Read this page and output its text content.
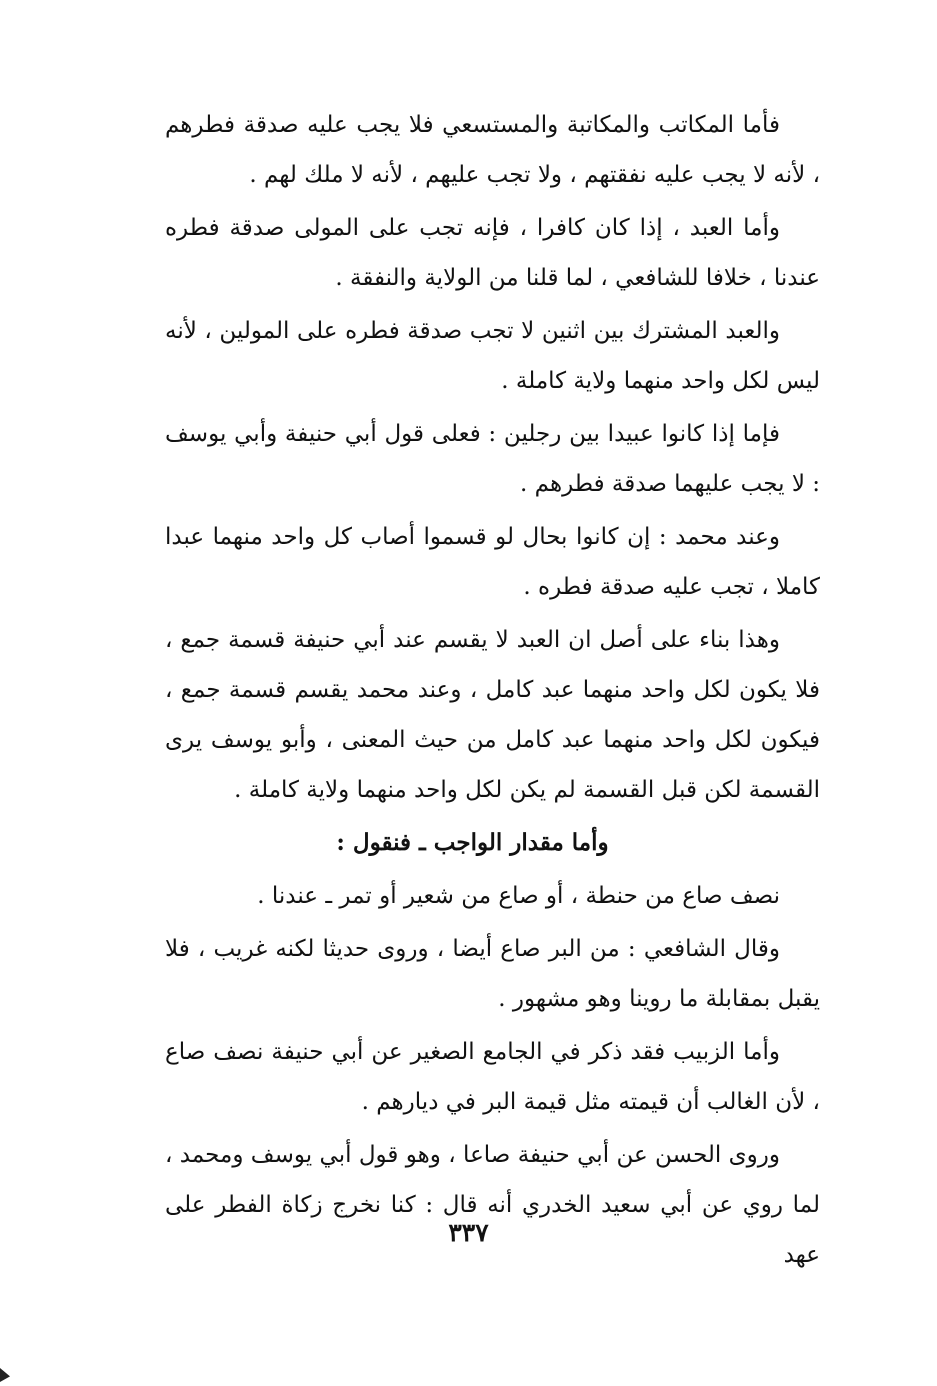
فأما المكاتب والمكاتبة والمستسعي فلا يجب عليه صدقة فطرهم ، لأنه لا يجب عليه نفقتهم ، ولا تجب عليهم ، لأنه لا ملك لهم .

وأما العبد ، إذا كان كافرا ، فإنه تجب على المولى صدقة فطره عندنا ، خلافا للشافعي ، لما قلنا من الولاية والنفقة .

والعبد المشترك بين اثنين لا تجب صدقة فطره على المولين ، لأنه ليس لكل واحد منهما ولاية كاملة .

فإما إذا كانوا عبيدا بين رجلين : فعلى قول أبي حنيفة وأبي يوسف : لا يجب عليهما صدقة فطرهم .

وعند محمد : إن كانوا بحال لو قسموا أصاب كل واحد منهما عبدا كاملا ، تجب عليه صدقة فطره .

وهذا بناء على أصل ان العبد لا يقسم عند أبي حنيفة قسمة جمع ، فلا يكون لكل واحد منهما عبد كامل ، وعند محمد يقسم قسمة جمع ، فيكون لكل واحد منهما عبد كامل من حيث المعنى ، وأبو يوسف يرى القسمة لكن قبل القسمة لم يكن لكل واحد منهما ولاية كاملة .

وأما مقدار الواجب ـ فنقول :

نصف صاع من حنطة ، أو صاع من شعير أو تمر ـ عندنا .

وقال الشافعي : من البر صاع أيضا ، وروى حديثا لكنه غريب ، فلا يقبل بمقابلة ما روينا وهو مشهور .

وأما الزبيب فقد ذكر في الجامع الصغير عن أبي حنيفة نصف صاع ، لأن الغالب أن قيمته مثل قيمة البر في ديارهم .

وروى الحسن عن أبي حنيفة صاعا ، وهو قول أبي يوسف ومحمد ، لما روي عن أبي سعيد الخدري أنه قال : كنا نخرج زكاة الفطر على عهد

٣٣٧
